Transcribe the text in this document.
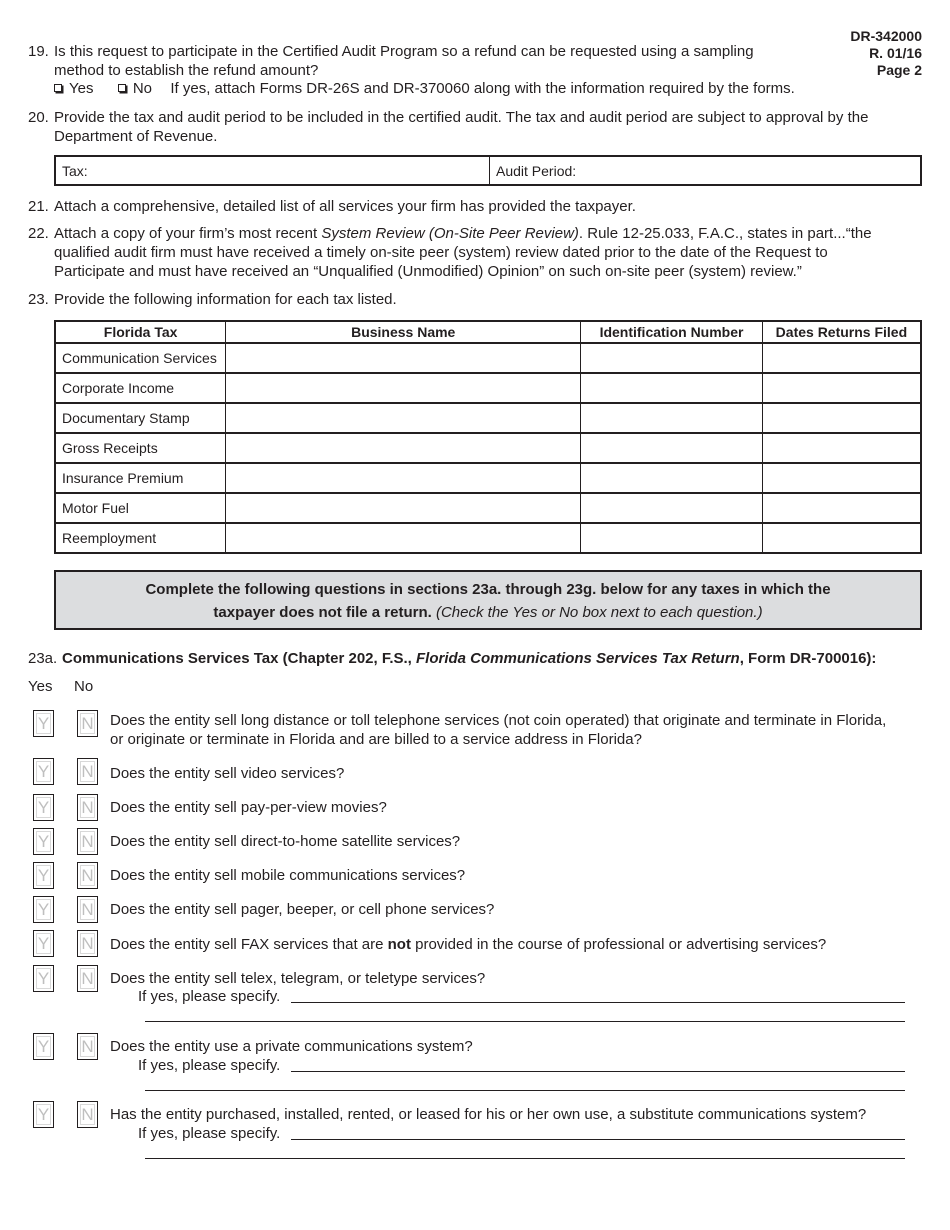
DR-342000
R. 01/16
Page 2
19. Is this request to participate in the Certified Audit Program so a refund can be requested using a sampling
method to establish the refund amount?
Yes	No If yes, attach Forms DR-26S and DR-370060 along with the information required by the forms.
20. Provide the tax and audit period to be included in the certified audit. The tax and audit period are subject to approval by the
Department of Revenue.
Tax:	Audit Period:
21. Attach a comprehensive, detailed list of all services your firm has provided the taxpayer.
22. Attach a copy of your firm’s most recent System Review (On-Site Peer Review). Rule 12-25.033, F.A.C., states in part...“the
qualified audit firm must have received a timely on-site peer (system) review dated prior to the date of the Request to
Participate and must have received an “Unqualified (Unmodified) Opinion” on such on-site peer (system) review.”
23. Provide the following information for each tax listed.
Florida Tax	Business Name	Identification Number	Dates Returns Filed
Communication Services			
Corporate Income			
Documentary Stamp			
Gross Receipts			
Insurance Premium			
Motor Fuel			
Reemployment			
Complete the following questions in sections 23a. through 23g. below for any taxes in which the
taxpayer does not file a return. (Check the Yes or No box next to each question.)
23a. Communications Services Tax (Chapter 202, F.S., Florida Communications Services Tax Return, Form DR-700016):
Yes No
Y N Does the entity sell long distance or toll telephone services (not coin operated) that originate and terminate in Florida,
or originate or terminate in Florida and are billed to a service address in Florida?
Y N Does the entity sell video services?
Y N Does the entity sell pay-per-view movies?
Y N Does the entity sell direct-to-home satellite services?
Y N Does the entity sell mobile communications services?
Y N Does the entity sell pager, beeper, or cell phone services?
Y N Does the entity sell FAX services that are not provided in the course of professional or advertising services?
Y N Does the entity sell telex, telegram, or teletype services?
If yes, please specify.
Y N Does the entity use a private communications system?
If yes, please specify.
Y N Has the entity purchased, installed, rented, or leased for his or her own use, a substitute communications system?
If yes, please specify.
